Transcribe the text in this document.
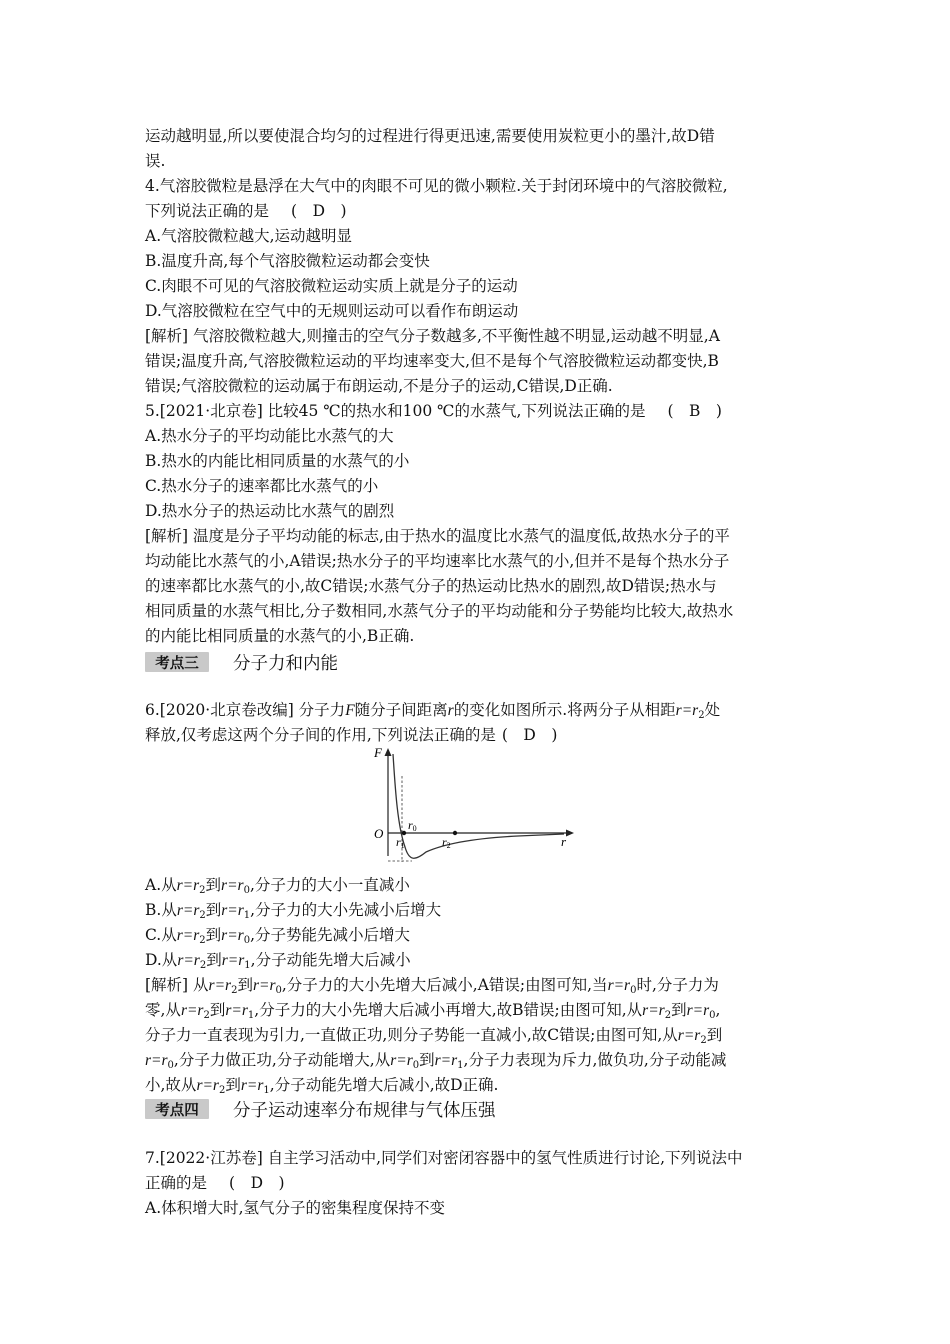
运动越明显,所以要使混合均匀的过程进行得更迅速,需要使用炭粒更小的墨汁,故D错
误.
4.气溶胶微粒是悬浮在大气中的肉眼不可见的微小颗粒.关于封闭环境中的气溶胶微粒,
下列说法正确的是 (　D　)
A.气溶胶微粒越大,运动越明显
B.温度升高,每个气溶胶微粒运动都会变快
C.肉眼不可见的气溶胶微粒运动实质上就是分子的运动
D.气溶胶微粒在空气中的无规则运动可以看作布朗运动
[解析] 气溶胶微粒越大,则撞击的空气分子数越多,不平衡性越不明显,运动越不明显,A
错误;温度升高,气溶胶微粒运动的平均速率变大,但不是每个气溶胶微粒运动都变快,B
错误;气溶胶微粒的运动属于布朗运动,不是分子的运动,C错误,D正确.
5.[2021·北京卷] 比较45 ℃的热水和100 ℃的水蒸气,下列说法正确的是 (　B　)
A.热水分子的平均动能比水蒸气的大
B.热水的内能比相同质量的水蒸气的小
C.热水分子的速率都比水蒸气的小
D.热水分子的热运动比水蒸气的剧烈
[解析] 温度是分子平均动能的标志,由于热水的温度比水蒸气的温度低,故热水分子的平
均动能比水蒸气的小,A错误;热水分子的平均速率比水蒸气的小,但并不是每个热水分子
的速率都比水蒸气的小,故C错误;水蒸气分子的热运动比热水的剧烈,故D错误;热水与
相同质量的水蒸气相比,分子数相同,水蒸气分子的平均动能和分子势能均比较大,故热水
的内能比相同质量的水蒸气的小,B正确.
考点三	分子力和内能
6.[2020·北京卷改编] 分子力F随分子间距离r的变化如图所示.将两分子从相距$r=r_2$处
释放,仅考虑这两个分子间的作用,下列说法正确的是 (　D　)
F
O
r
r0
r1	r2
A.从$r=r_2$到$r=r_0$,分子力的大小一直减小
B.从$r=r_2$到$r=r_1$,分子力的大小先减小后增大
C.从$r=r_2$到$r=r_0$,分子势能先减小后增大
D.从$r=r_2$到$r=r_1$,分子动能先增大后减小
[解析] 从$r=r_2$到$r=r_0$,分子力的大小先增大后减小,A错误;由图可知,当$r=r_0$时,分子力为
零,从$r=r_2$到$r=r_1$,分子力的大小先增大后减小再增大,故B错误;由图可知,从$r=r_2$到$r=r_0$,
分子力一直表现为引力,一直做正功,则分子势能一直减小,故C错误;由图可知,从$r=r_2$到
$r=r_0$,分子力做正功,分子动能增大,从$r=r_0$到$r=r_1$,分子力表现为斥力,做负功,分子动能减
小,故从$r=r_2$到$r=r_1$,分子动能先增大后减小,故D正确.
考点四	分子运动速率分布规律与气体压强
7.[2022·江苏卷] 自主学习活动中,同学们对密闭容器中的氢气性质进行讨论,下列说法中
正确的是 (　D　)
A.体积增大时,氢气分子的密集程度保持不变
